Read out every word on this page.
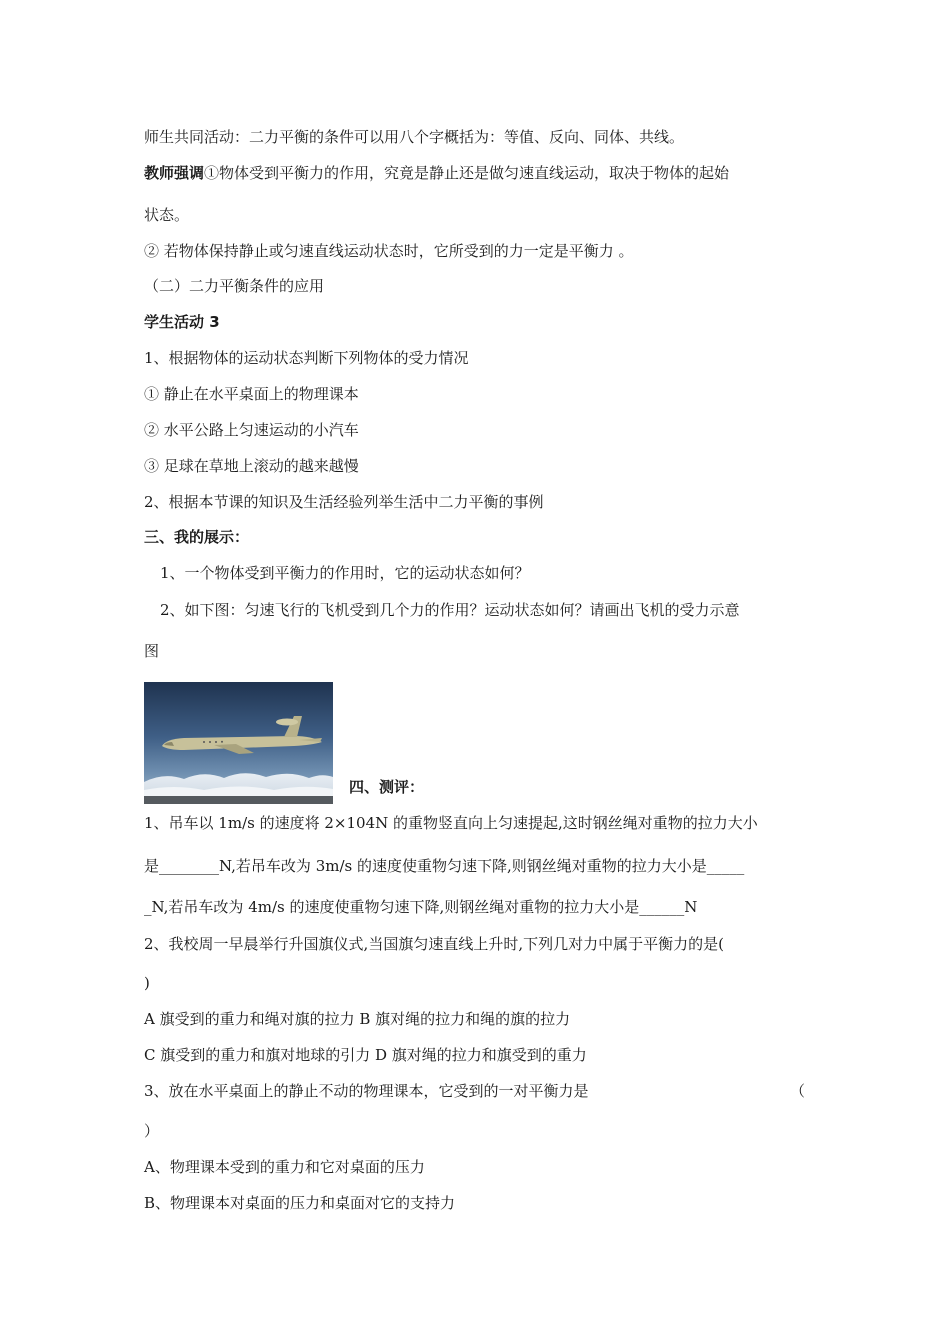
师生共同活动：二力平衡的条件可以用八个字概括为：等值、反向、同体、共线。
教师强调①物体受到平衡力的作用，究竟是静止还是做匀速直线运动，取决于物体的起始
状态。
② 若物体保持静止或匀速直线运动状态时，它所受到的力一定是平衡力 。
（二）二力平衡条件的应用
学生活动 3
1、根据物体的运动状态判断下列物体的受力情况
① 静止在水平桌面上的物理课本
② 水平公路上匀速运动的小汽车
③ 足球在草地上滚动的越来越慢
2、根据本节课的知识及生活经验列举生活中二力平衡的事例
三、我的展示：
1、一个物体受到平衡力的作用时，它的运动状态如何？
2、如下图：匀速飞行的飞机受到几个力的作用？运动状态如何？请画出飞机的受力示意
图
四、测评：
1、吊车以 1m/s 的速度将 2×104N 的重物竖直向上匀速提起,这时钢丝绳对重物的拉力大小
是________N,若吊车改为 3m/s 的速度使重物匀速下降,则钢丝绳对重物的拉力大小是_____
_N,若吊车改为 4m/s 的速度使重物匀速下降,则钢丝绳对重物的拉力大小是______N
2、我校周一早晨举行升国旗仪式,当国旗匀速直线上升时,下列几对力中属于平衡力的是(
)
A 旗受到的重力和绳对旗的拉力 B 旗对绳的拉力和绳的旗的拉力
C 旗受到的重力和旗对地球的引力 D 旗对绳的拉力和旗受到的重力
3、放在水平桌面上的静止不动的物理课本，它受到的一对平衡力是	（
）
A、物理课本受到的重力和它对桌面的压力
B、物理课本对桌面的压力和桌面对它的支持力
